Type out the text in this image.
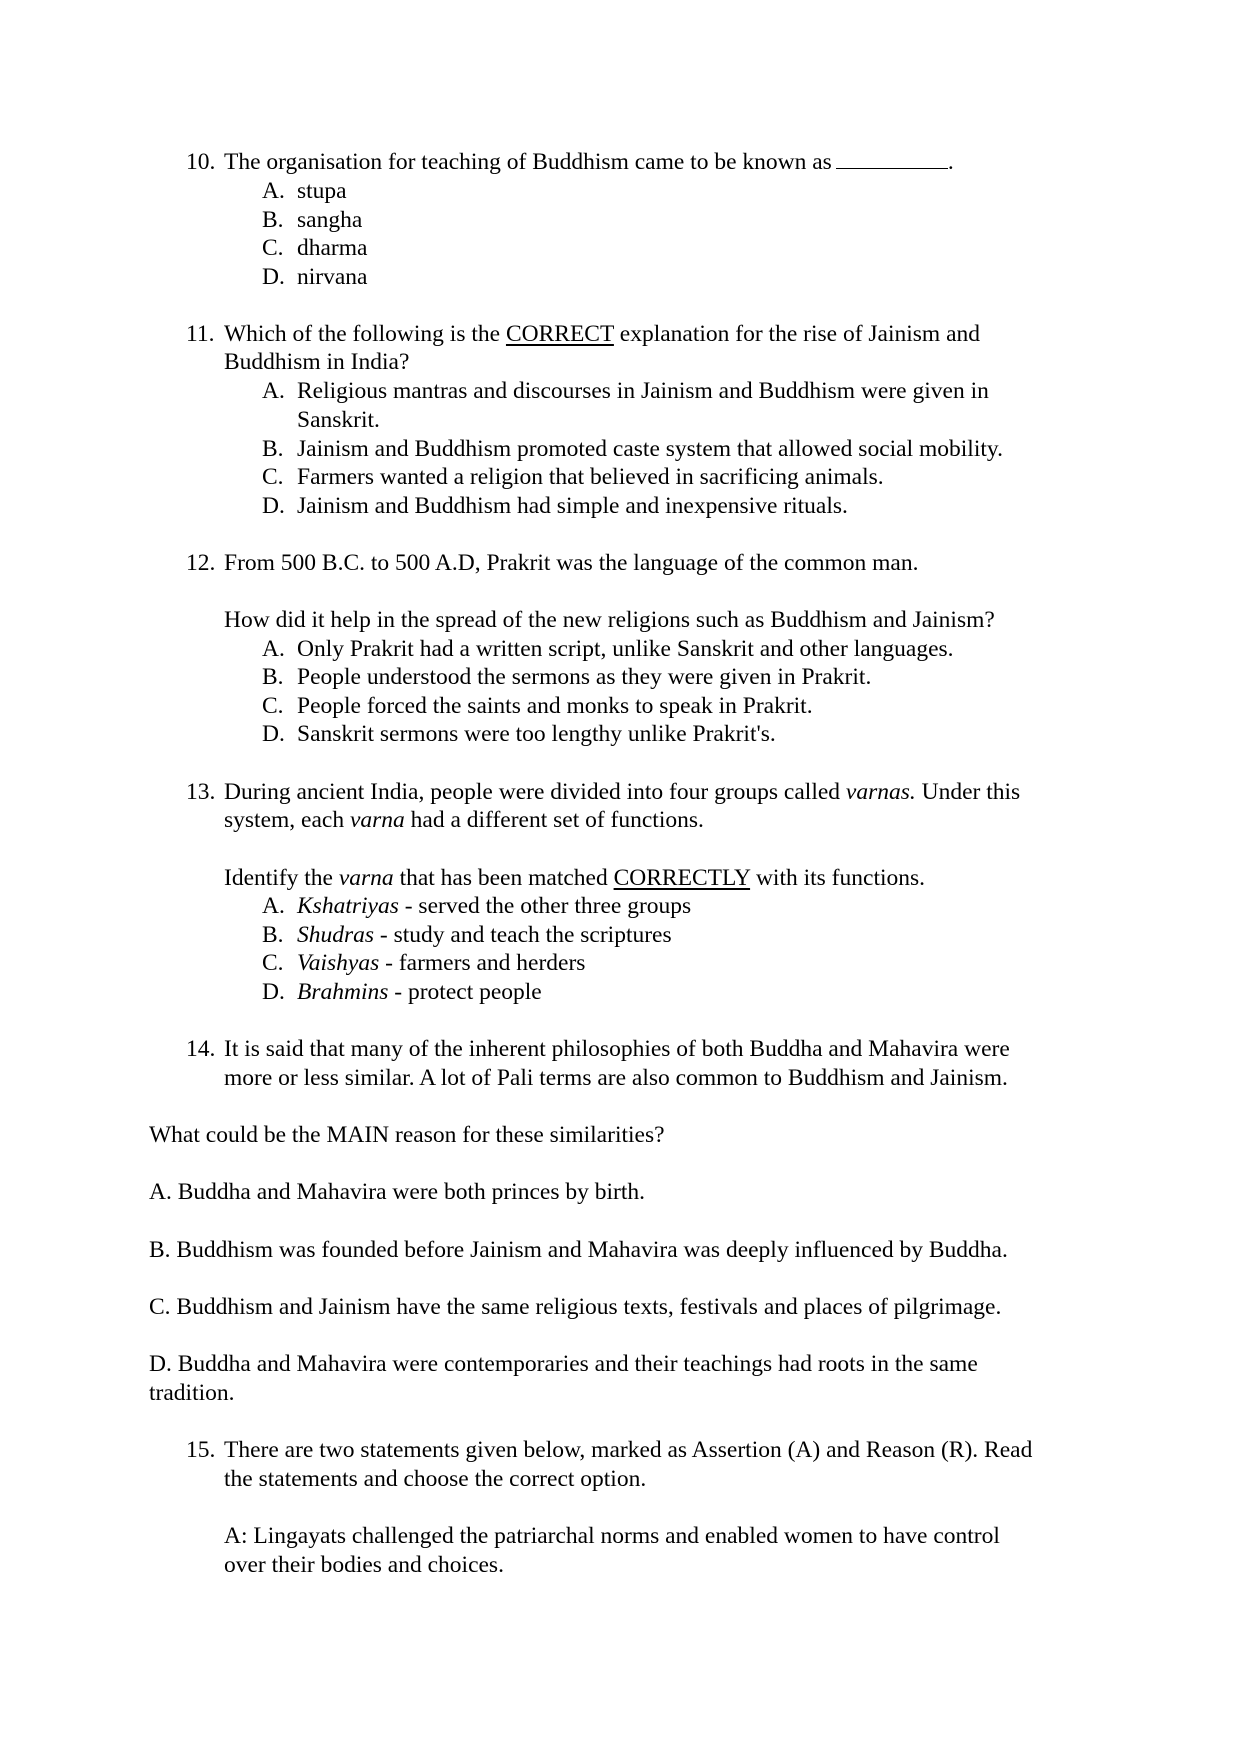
10. The organisation for teaching of Buddhism came to be known as	.
A. stupa
B. sangha
C. dharma
D. nirvana
11. Which of the following is the CORRECT explanation for the rise of Jainism and
Buddhism in India?
A. Religious mantras and discourses in Jainism and Buddhism were given in
Sanskrit.
B. Jainism and Buddhism promoted caste system that allowed social mobility.
C. Farmers wanted a religion that believed in sacrificing animals.
D. Jainism and Buddhism had simple and inexpensive rituals.
12. From 500 B.C. to 500 A.D, Prakrit was the language of the common man.
How did it help in the spread of the new religions such as Buddhism and Jainism?
A. Only Prakrit had a written script, unlike Sanskrit and other languages.
B. People understood the sermons as they were given in Prakrit.
C. People forced the saints and monks to speak in Prakrit.
D. Sanskrit sermons were too lengthy unlike Prakrit's.
13. During ancient India, people were divided into four groups called varnas. Under this
system, each varna had a different set of functions.
Identify the varna that has been matched CORRECTLY with its functions.
A. Kshatriyas - served the other three groups
B. Shudras - study and teach the scriptures
C. Vaishyas - farmers and herders
D. Brahmins - protect people
14. It is said that many of the inherent philosophies of both Buddha and Mahavira were
more or less similar. A lot of Pali terms are also common to Buddhism and Jainism.
What could be the MAIN reason for these similarities?
A. Buddha and Mahavira were both princes by birth.
B. Buddhism was founded before Jainism and Mahavira was deeply influenced by Buddha.
C. Buddhism and Jainism have the same religious texts, festivals and places of pilgrimage.
D. Buddha and Mahavira were contemporaries and their teachings had roots in the same
tradition.
15. There are two statements given below, marked as Assertion (A) and Reason (R). Read
the statements and choose the correct option.
A: Lingayats challenged the patriarchal norms and enabled women to have control
over their bodies and choices.
